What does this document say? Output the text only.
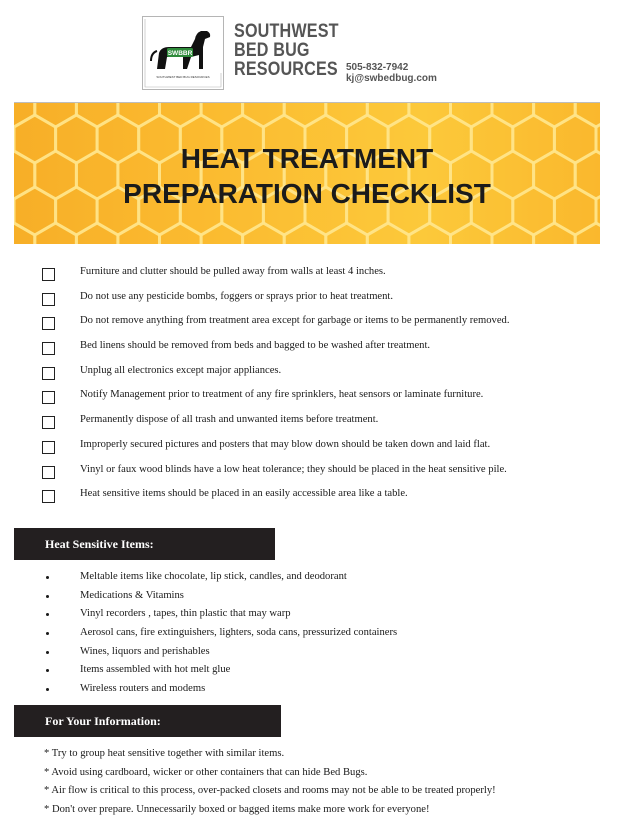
SWBBR
SOUTHWEST BED BUG RESOURCES
SOUTHWEST
BED BUG
RESOURCES 505-832-7942
kj@swbedbug.com
HEAT TREATMENT
PREPARATION CHECKLIST
Furniture and clutter should be pulled away from walls at least 4 inches.
Do not use any pesticide bombs, foggers or sprays prior to heat treatment.
Do not remove anything from treatment area except for garbage or items to be permanently removed.
Bed linens should be removed from beds and bagged to be washed after treatment.
Unplug all electronics except major appliances.
Notify Management prior to treatment of any fire sprinklers, heat sensors or laminate furniture.
Permanently dispose of all trash and unwanted items before treatment.
Improperly secured pictures and posters that may blow down should be taken down and laid flat.
Vinyl or faux wood blinds have a low heat tolerance; they should be placed in the heat sensitive pile.
Heat sensitive items should be placed in an easily accessible area like a table.
Heat Sensitive Items:
Meltable items like chocolate, lip stick, candles, and deodorant
Medications & Vitamins
Vinyl recorders , tapes, thin plastic that may warp
Aerosol cans, fire extinguishers, lighters, soda cans, pressurized containers
Wines, liquors and perishables
Items assembled with hot melt glue
Wireless routers and modems
For Your Information:
* Try to group heat sensitive together with similar items.
* Avoid using cardboard, wicker or other containers that can hide Bed Bugs.
* Air flow is critical to this process, over-packed closets and rooms may not be able to be treated properly!
* Don't over prepare. Unnecessarily boxed or bagged items make more work for everyone!
